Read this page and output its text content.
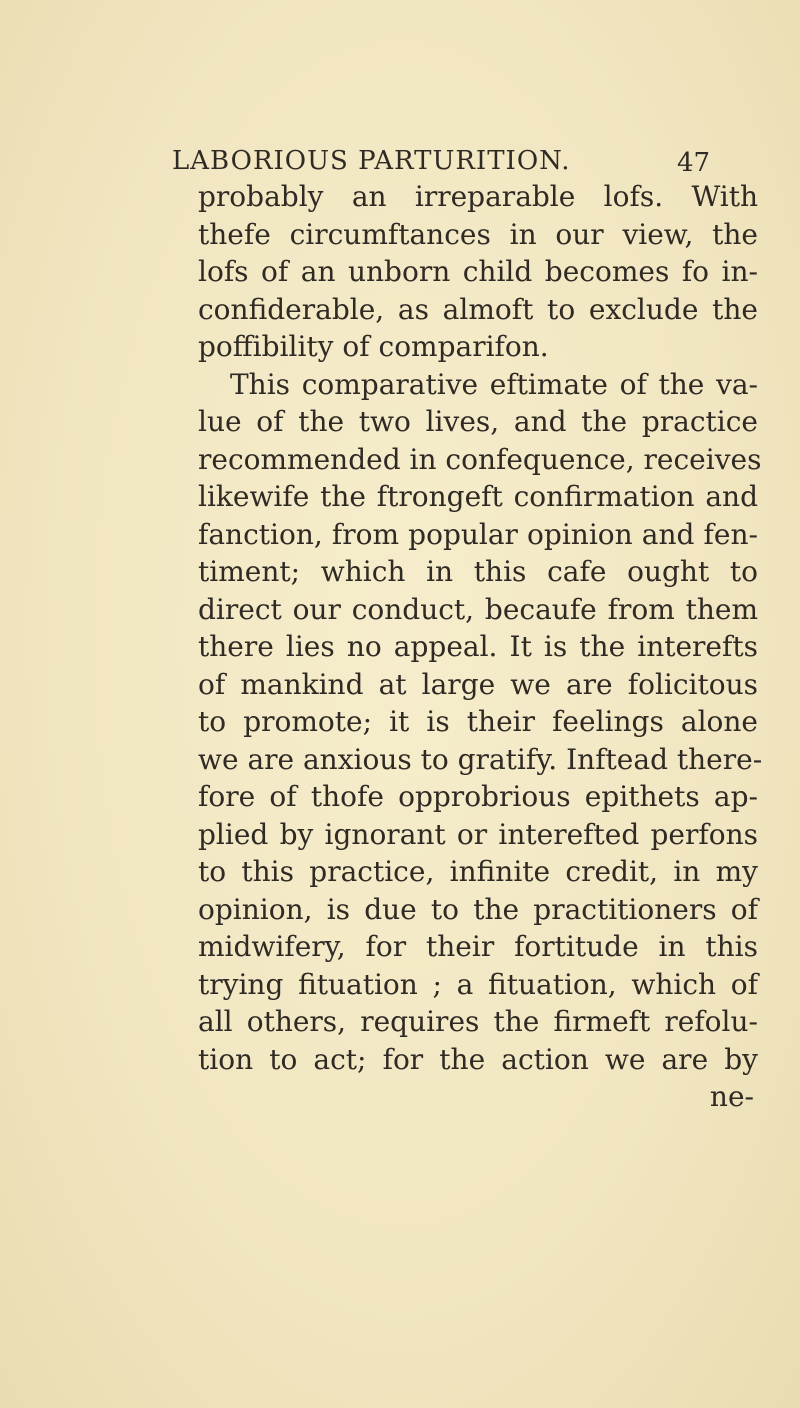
LABORIOUS PARTURITION.	47
probably an irreparable lofs. With
thefe circumftances in our view, the
lofs of an unborn child becomes fo in-
confiderable, as almoft to exclude the
poffibility of comparifon.
This comparative eftimate of the va-
lue of the two lives, and the practice
recommended in confequence, receives
likewife the ftrongeft confirmation and
fanction, from popular opinion and fen-
timent; which in this cafe ought to
direct our conduct, becaufe from them
there lies no appeal. It is the interefts
of mankind at large we are folicitous
to promote; it is their feelings alone
we are anxious to gratify. Inftead there-
fore of thofe opprobrious epithets ap-
plied by ignorant or interefted perfons
to this practice, infinite credit, in my
opinion, is due to the practitioners of
midwifery, for their fortitude in this
trying fituation ; a fituation, which of
all others, requires the firmeft refolu-
tion to act; for the action we are by
ne-
